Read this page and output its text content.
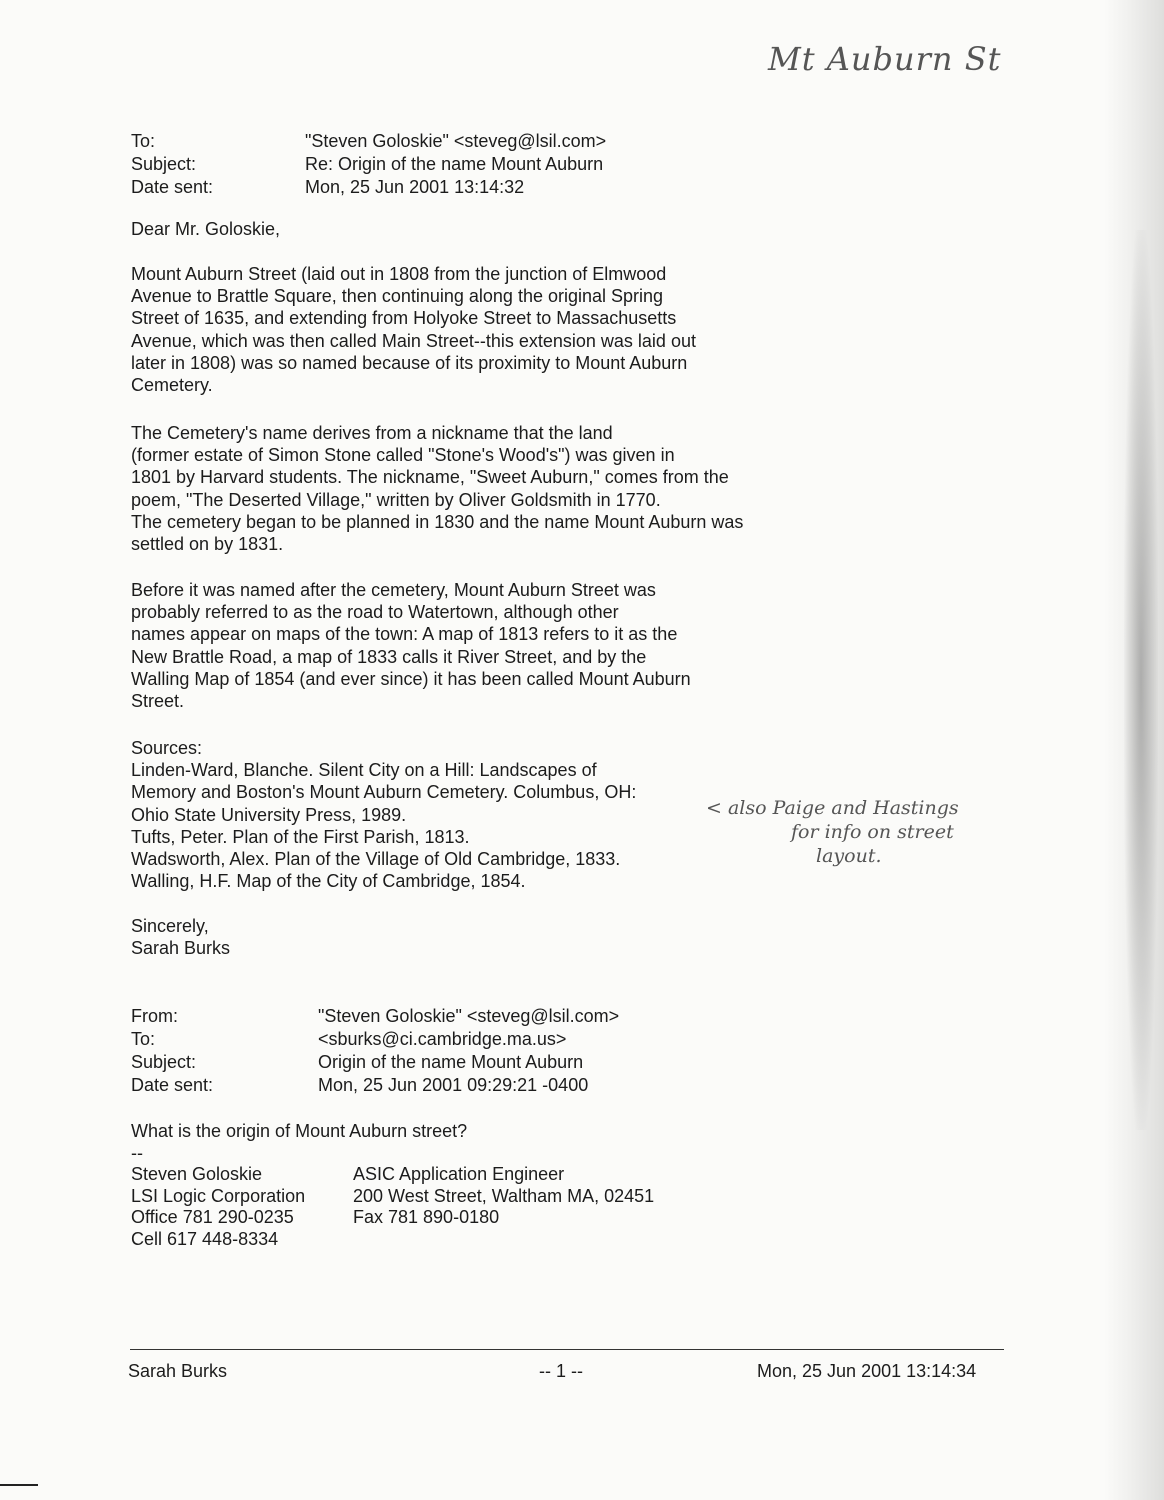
Mt Auburn St
To:	"Steven Goloskie" <steveg@lsil.com>
Subject:	Re: Origin of the name Mount Auburn
Date sent:	Mon, 25 Jun 2001 13:14:32
Dear Mr. Goloskie,
Mount Auburn Street (laid out in 1808 from the junction of Elmwood
Avenue to Brattle Square, then continuing along the original Spring
Street of 1635, and extending from Holyoke Street to Massachusetts
Avenue, which was then called Main Street--this extension was laid out
later in 1808) was so named because of its proximity to Mount Auburn
Cemetery.
The Cemetery's name derives from a nickname that the land
(former estate of Simon Stone called "Stone's Wood's") was given in
1801 by Harvard students. The nickname, "Sweet Auburn," comes from the
poem, "The Deserted Village," written by Oliver Goldsmith in 1770.
The cemetery began to be planned in 1830 and the name Mount Auburn was
settled on by 1831.
Before it was named after the cemetery, Mount Auburn Street was
probably referred to as the road to Watertown, although other
names appear on maps of the town: A map of 1813 refers to it as the
New Brattle Road, a map of 1833 calls it River Street, and by the
Walling Map of 1854 (and ever since) it has been called Mount Auburn
Street.
Sources:
Linden-Ward, Blanche. Silent City on a Hill: Landscapes of
Memory and Boston's Mount Auburn Cemetery. Columbus, OH:
Ohio State University Press, 1989.
Tufts, Peter. Plan of the First Parish, 1813.
Wadsworth, Alex. Plan of the Village of Old Cambridge, 1833.
Walling, H.F. Map of the City of Cambridge, 1854.
< also Paige and Hastings
for info on street
layout.
Sincerely,
Sarah Burks
From:	"Steven Goloskie" <steveg@lsil.com>
To:	<sburks@ci.cambridge.ma.us>
Subject:	Origin of the name Mount Auburn
Date sent:	Mon, 25 Jun 2001 09:29:21 -0400
What is the origin of Mount Auburn street?
--
Steven Goloskie	ASIC Application Engineer
LSI Logic Corporation	200 West Street, Waltham MA, 02451
Office 781 290-0235	Fax 781 890-0180
Cell 617 448-8334
Sarah Burks	-- 1 --	Mon, 25 Jun 2001 13:14:34
